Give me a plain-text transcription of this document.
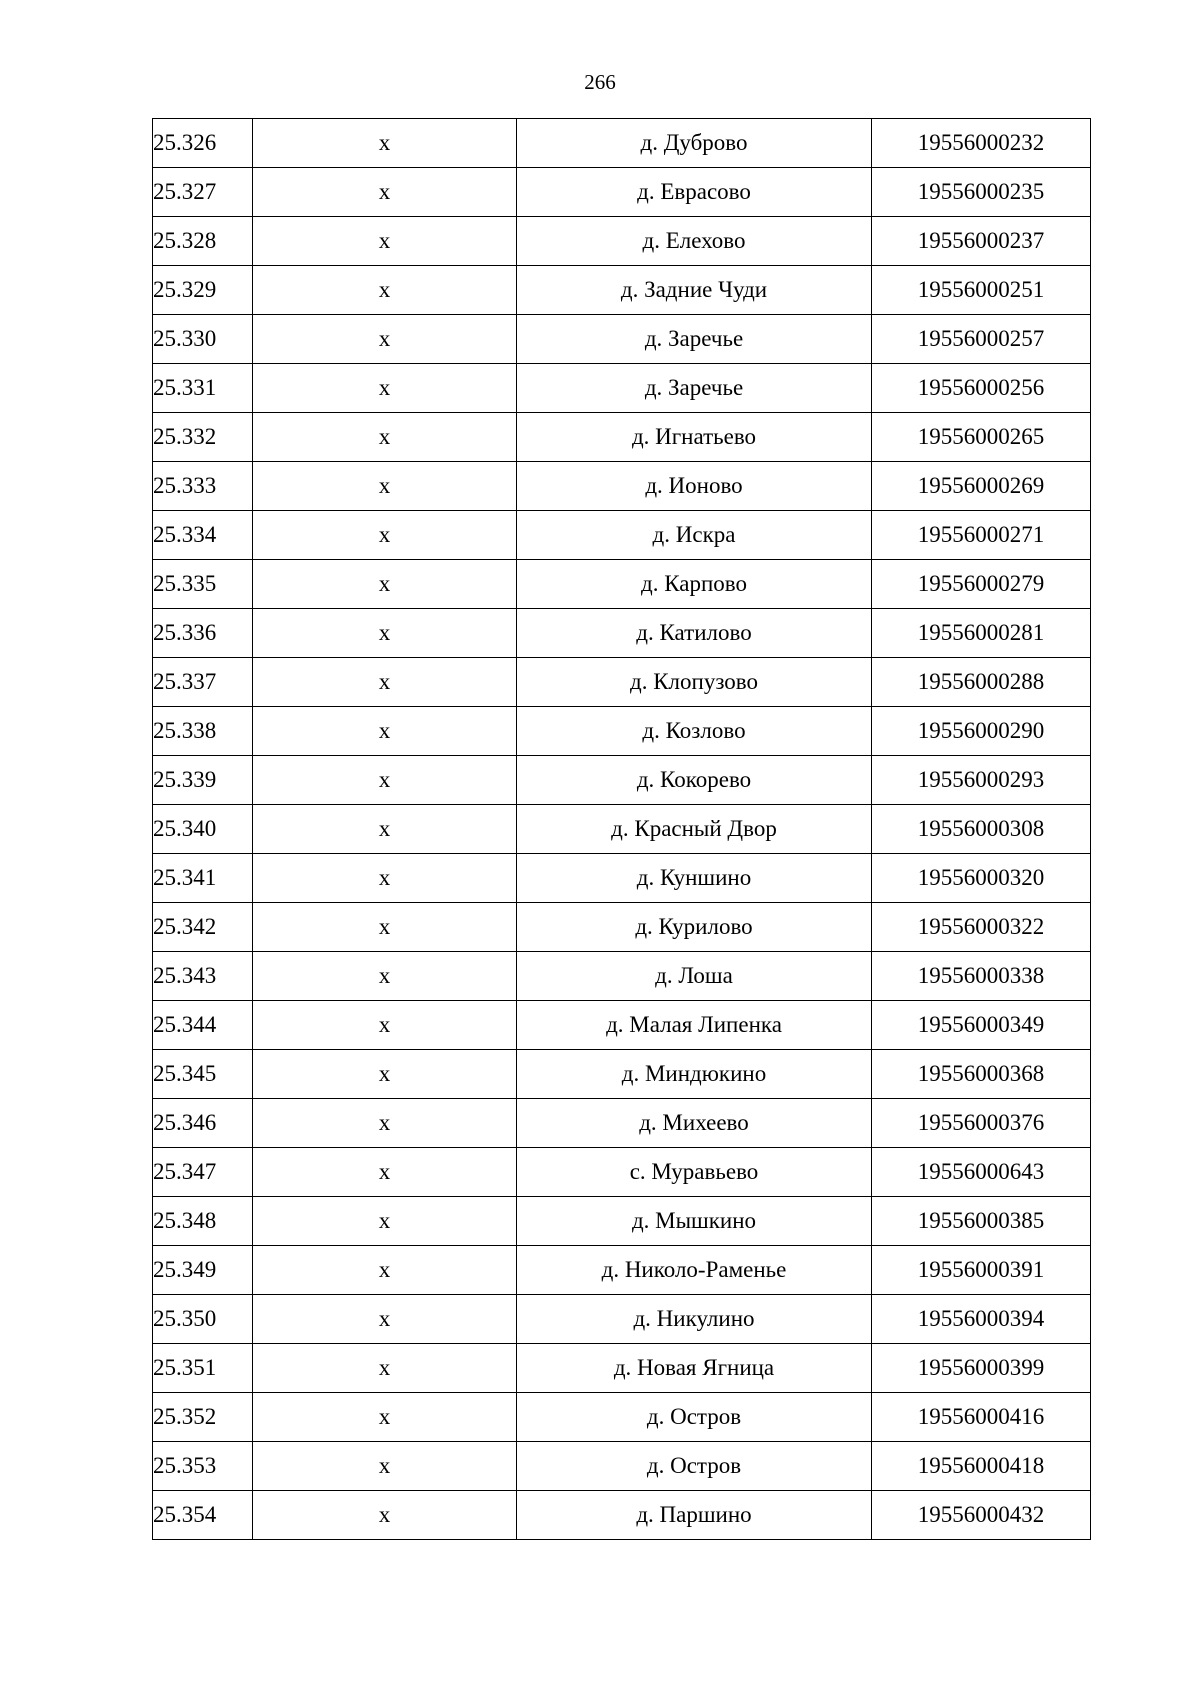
266
25.326	x	д. Дуброво	19556000232
25.327	x	д. Еврасово	19556000235
25.328	x	д. Елехово	19556000237
25.329	x	д. Задние Чуди	19556000251
25.330	x	д. Заречье	19556000257
25.331	x	д. Заречье	19556000256
25.332	x	д. Игнатьево	19556000265
25.333	x	д. Ионово	19556000269
25.334	x	д. Искра	19556000271
25.335	x	д. Карпово	19556000279
25.336	x	д. Катилово	19556000281
25.337	x	д. Клопузово	19556000288
25.338	x	д. Козлово	19556000290
25.339	x	д. Кокорево	19556000293
25.340	x	д. Красный Двор	19556000308
25.341	x	д. Куншино	19556000320
25.342	x	д. Курилово	19556000322
25.343	x	д. Лоша	19556000338
25.344	x	д. Малая Липенка	19556000349
25.345	x	д. Миндюкино	19556000368
25.346	x	д. Михеево	19556000376
25.347	x	с. Муравьево	19556000643
25.348	x	д. Мышкино	19556000385
25.349	x	д. Николо-Раменье	19556000391
25.350	x	д. Никулино	19556000394
25.351	x	д. Новая Ягница	19556000399
25.352	x	д. Остров	19556000416
25.353	x	д. Остров	19556000418
25.354	x	д. Паршино	19556000432
